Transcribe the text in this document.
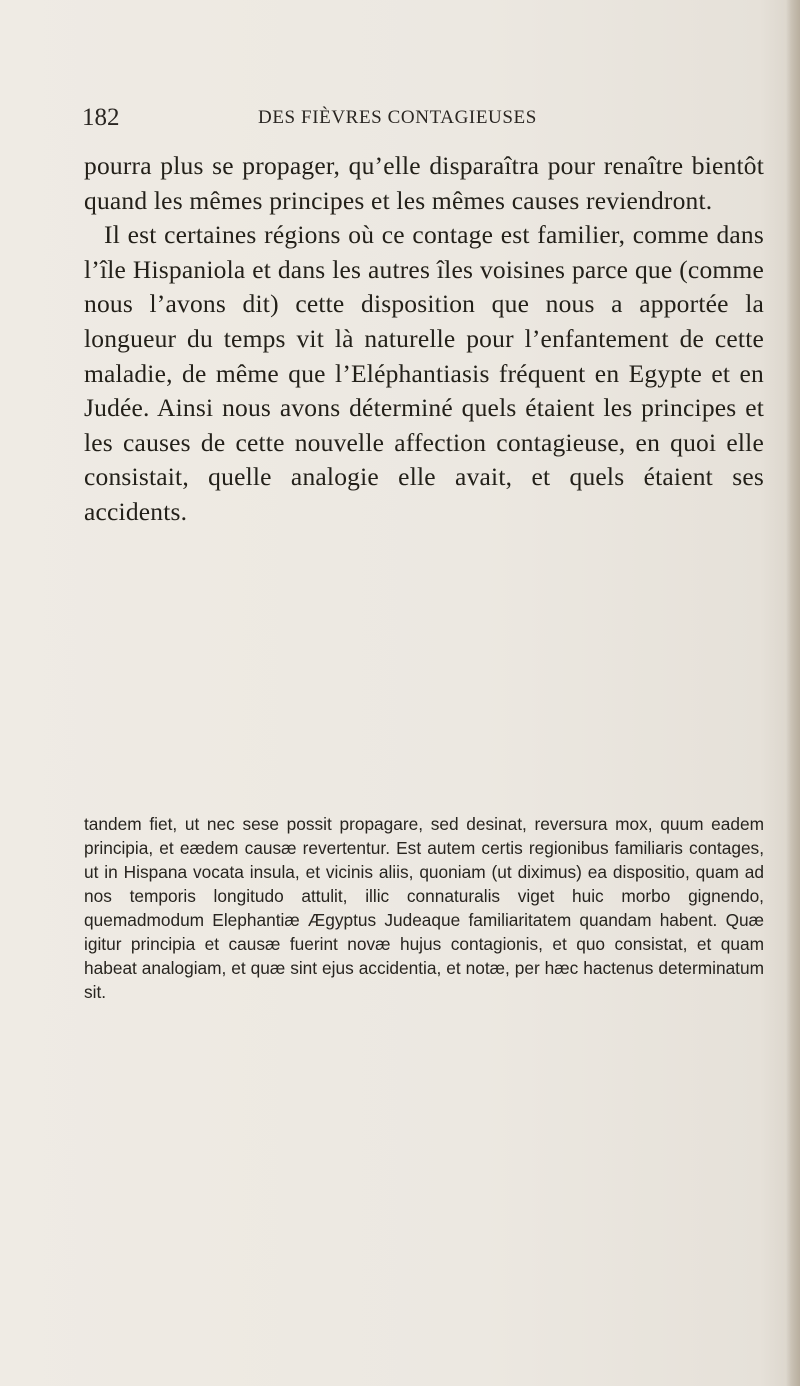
182	DES FIÈVRES CONTAGIEUSES

pourra plus se propager, qu’elle disparaîtra pour renaître bientôt quand les mêmes principes et les mêmes causes reviendront.

Il est certaines régions où ce contage est familier, comme dans l’île Hispaniola et dans les autres îles voisines parce que (comme nous l’avons dit) cette disposition que nous a apportée la longueur du temps vit là naturelle pour l’enfantement de cette maladie, de même que l’Eléphantiasis fréquent en Egypte et en Judée. Ainsi nous avons déterminé quels étaient les principes et les causes de cette nouvelle affection contagieuse, en quoi elle consistait, quelle analogie elle avait, et quels étaient ses accidents.

tandem fiet, ut nec sese possit propagare, sed desinat, reversura mox, quum eadem principia, et eædem causæ revertentur. Est autem certis regionibus familiaris contages, ut in Hispana vocata insula, et vicinis aliis, quoniam (ut diximus) ea dispositio, quam ad nos temporis longitudo attulit, illic connaturalis viget huic morbo gignendo, quemadmodum Elephantiæ Ægyptus Judeaque familiaritatem quandam habent. Quæ igitur principia et causæ fuerint novæ hujus contagionis, et quo consistat, et quam habeat analogiam, et quæ sint ejus accidentia, et notæ, per hæc hactenus determinatum sit.
